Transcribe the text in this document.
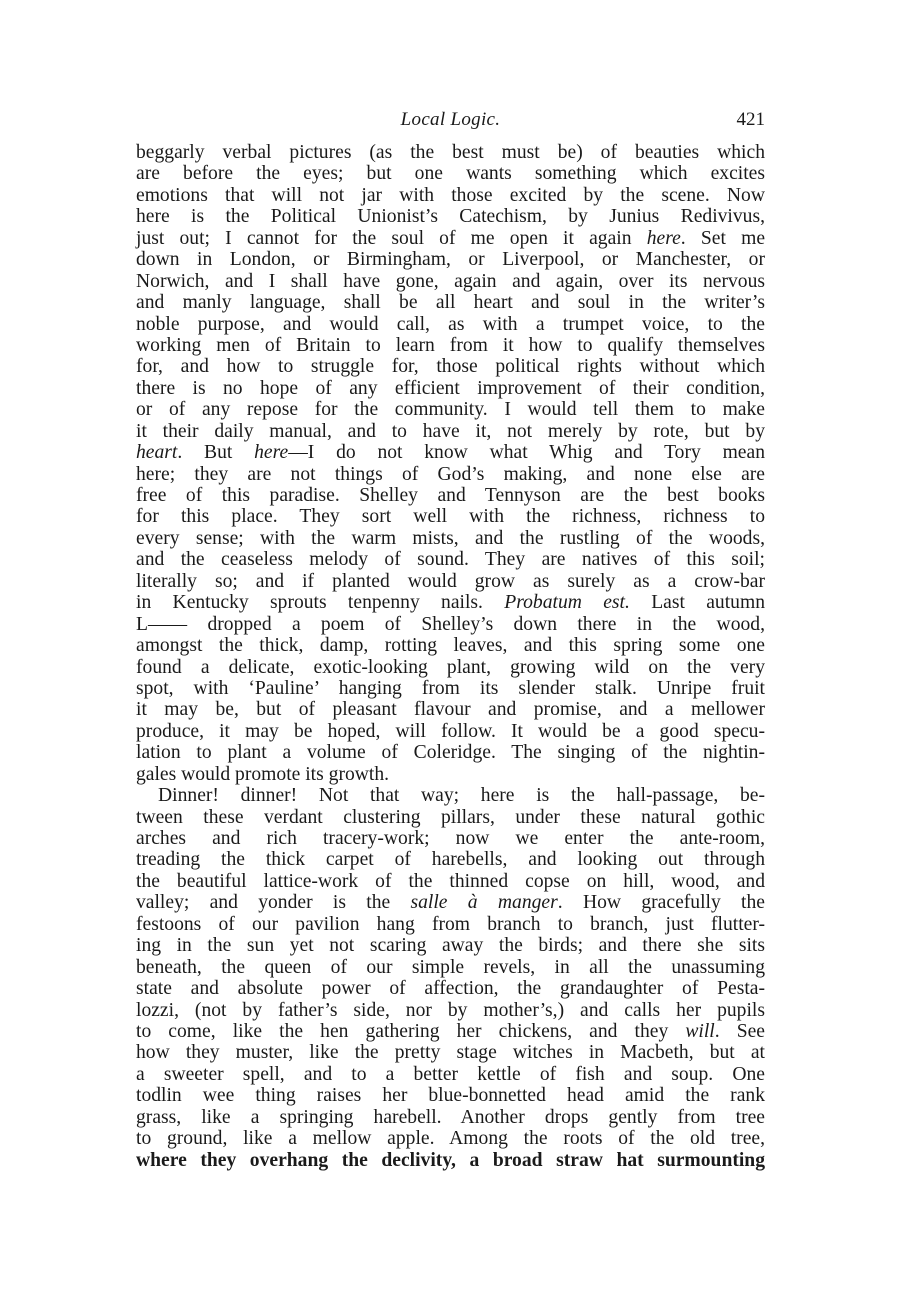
Local Logic.	421
beggarly verbal pictures (as the best must be) of beauties which
are before the eyes; but one wants something which excites
emotions that will not jar with those excited by the scene. Now
here is the Political Unionist’s Catechism, by Junius Redivivus,
just out; I cannot for the soul of me open it again here. Set me
down in London, or Birmingham, or Liverpool, or Manchester, or
Norwich, and I shall have gone, again and again, over its nervous
and manly language, shall be all heart and soul in the writer’s
noble purpose, and would call, as with a trumpet voice, to the
working men of Britain to learn from it how to qualify themselves
for, and how to struggle for, those political rights without which
there is no hope of any efficient improvement of their condition,
or of any repose for the community. I would tell them to make
it their daily manual, and to have it, not merely by rote, but by
heart. But here—I do not know what Whig and Tory mean
here; they are not things of God’s making, and none else are
free of this paradise. Shelley and Tennyson are the best books
for this place. They sort well with the richness, richness to
every sense; with the warm mists, and the rustling of the woods,
and the ceaseless melody of sound. They are natives of this soil;
literally so; and if planted would grow as surely as a crow-bar
in Kentucky sprouts tenpenny nails. Probatum est. Last autumn
L—— dropped a poem of Shelley’s down there in the wood,
amongst the thick, damp, rotting leaves, and this spring some one
found a delicate, exotic-looking plant, growing wild on the very
spot, with ‘Pauline’ hanging from its slender stalk. Unripe fruit
it may be, but of pleasant flavour and promise, and a mellower
produce, it may be hoped, will follow. It would be a good specu-
lation to plant a volume of Coleridge. The singing of the nightin-
gales would promote its growth.
Dinner! dinner! Not that way; here is the hall-passage, be-
tween these verdant clustering pillars, under these natural gothic
arches and rich tracery-work; now we enter the ante-room,
treading the thick carpet of harebells, and looking out through
the beautiful lattice-work of the thinned copse on hill, wood, and
valley; and yonder is the salle à manger. How gracefully the
festoons of our pavilion hang from branch to branch, just flutter-
ing in the sun yet not scaring away the birds; and there she sits
beneath, the queen of our simple revels, in all the unassuming
state and absolute power of affection, the grandaughter of Pesta-
lozzi, (not by father’s side, nor by mother’s,) and calls her pupils
to come, like the hen gathering her chickens, and they will. See
how they muster, like the pretty stage witches in Macbeth, but at
a sweeter spell, and to a better kettle of fish and soup. One
todlin wee thing raises her blue-bonnetted head amid the rank
grass, like a springing harebell. Another drops gently from tree
to ground, like a mellow apple. Among the roots of the old tree,
where they overhang the declivity, a broad straw hat surmounting
